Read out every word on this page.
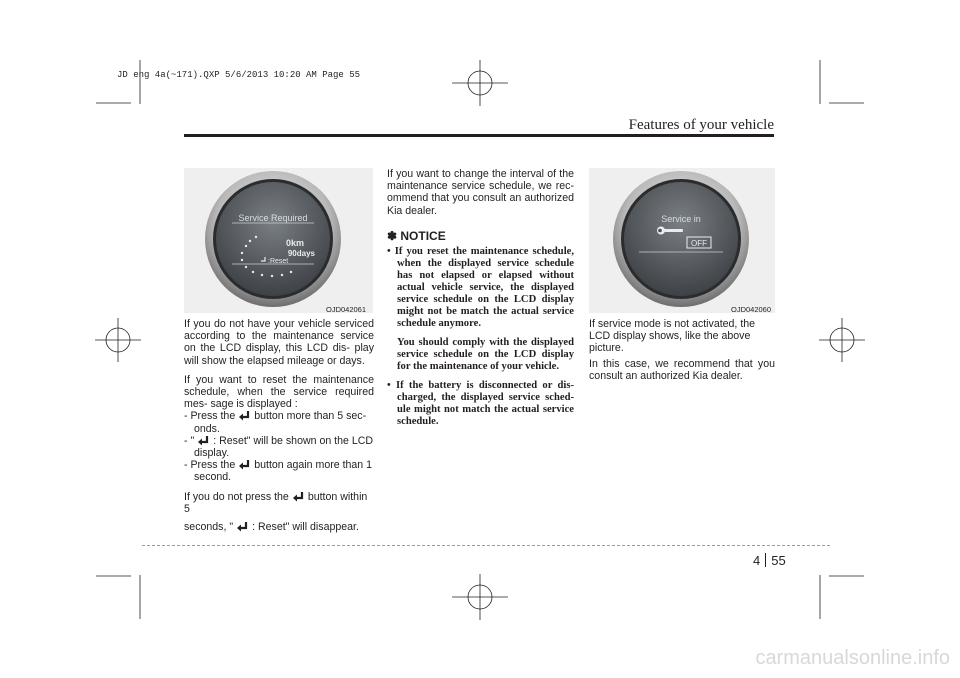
JD eng 4a(~171).QXP 5/6/2013 10:20 AM Page 55
Features of your vehicle
Service Required
0km
90days
:Reset
OJD042061
Service in
OFF
OJD042060

If you do not have your vehicle serviced according to the maintenance service on the LCD display, this LCD dis- play will show the elapsed mileage or days.

If you want to reset the maintenance schedule, when the service required mes- sage is displayed :

- Press the button more than 5 sec- onds.

- " : Reset" will be shown on the LCD display.

- Press the button again more than 1 second.

If you do not press the button within 5

seconds, " : Reset" will disappear.

If you want to change the interval of the maintenance service schedule, we rec- ommend that you consult an authorized Kia dealer.

✽ NOTICE

• If you reset the maintenance schedule, when the displayed service schedule has not elapsed or elapsed without actual vehicle service, the displayed service schedule on the LCD display might not be match the actual service schedule anymore.

You should comply with the displayed service schedule on the LCD display for the maintenance of your vehicle.

• If the battery is disconnected or dis- charged, the displayed service sched- ule might not match the actual service schedule.

If service mode is not activated, the LCD display shows, like the above picture.

In this case, we recommend that you consult an authorized Kia dealer.

4 55
carmanualsonline.info
